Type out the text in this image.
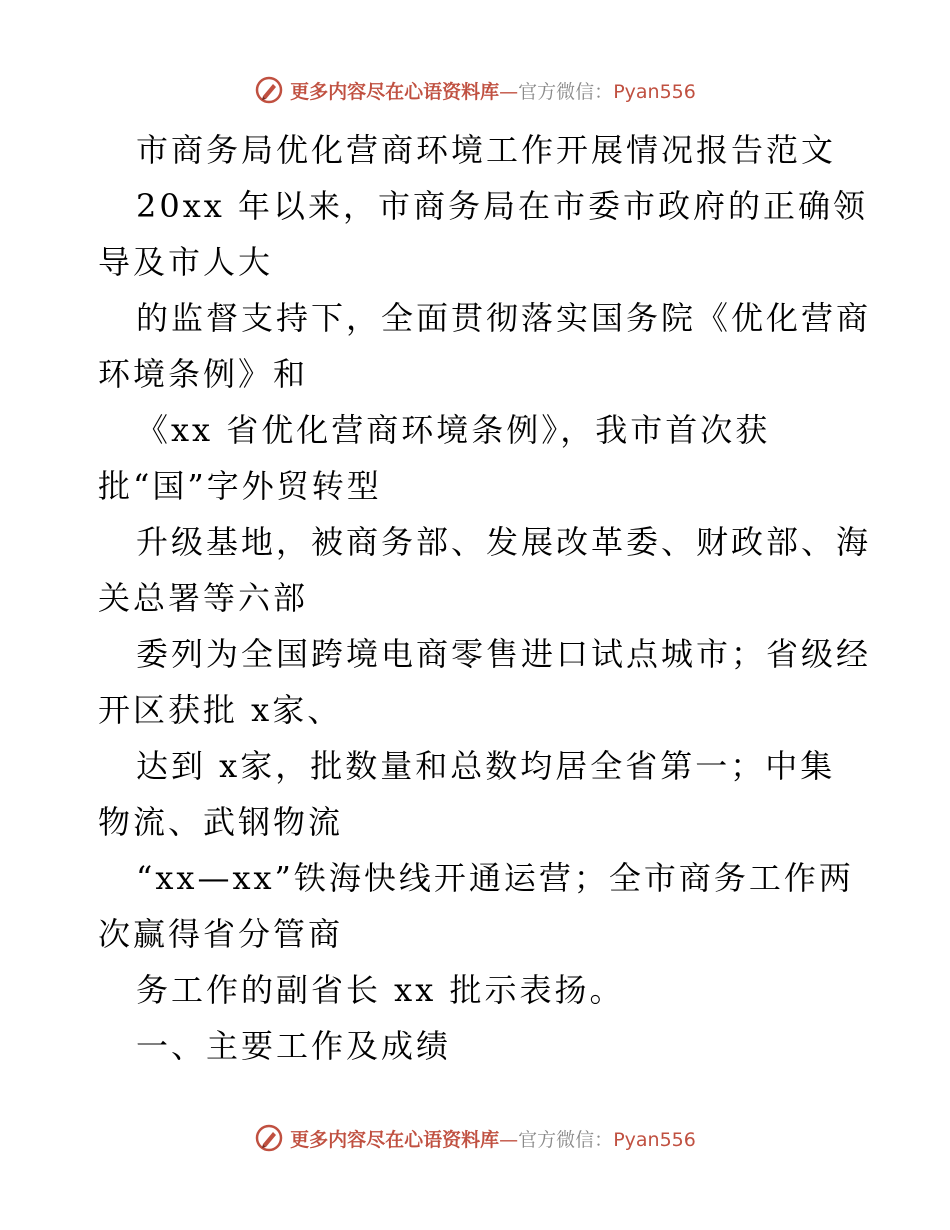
更多内容尽在心语资料库—官方微信：Pyan556
市商务局优化营商环境工作开展情况报告范文
20xx 年以来，市商务局在市委市政府的正确领
导及市人大
的监督支持下，全面贯彻落实国务院《优化营商
环境条例》和
《xx 省优化营商环境条例》，我市首次获
批“国”字外贸转型
升级基地，被商务部、发展改革委、财政部、海
关总署等六部
委列为全国跨境电商零售进口试点城市；省级经
开区获批 x家、
达到 x家，批数量和总数均居全省第一；中集
物流、武钢物流
“xx—xx”铁海快线开通运营；全市商务工作两
次赢得省分管商
务工作的副省长 xx 批示表扬。
一、主要工作及成绩
更多内容尽在心语资料库—官方微信：Pyan556
